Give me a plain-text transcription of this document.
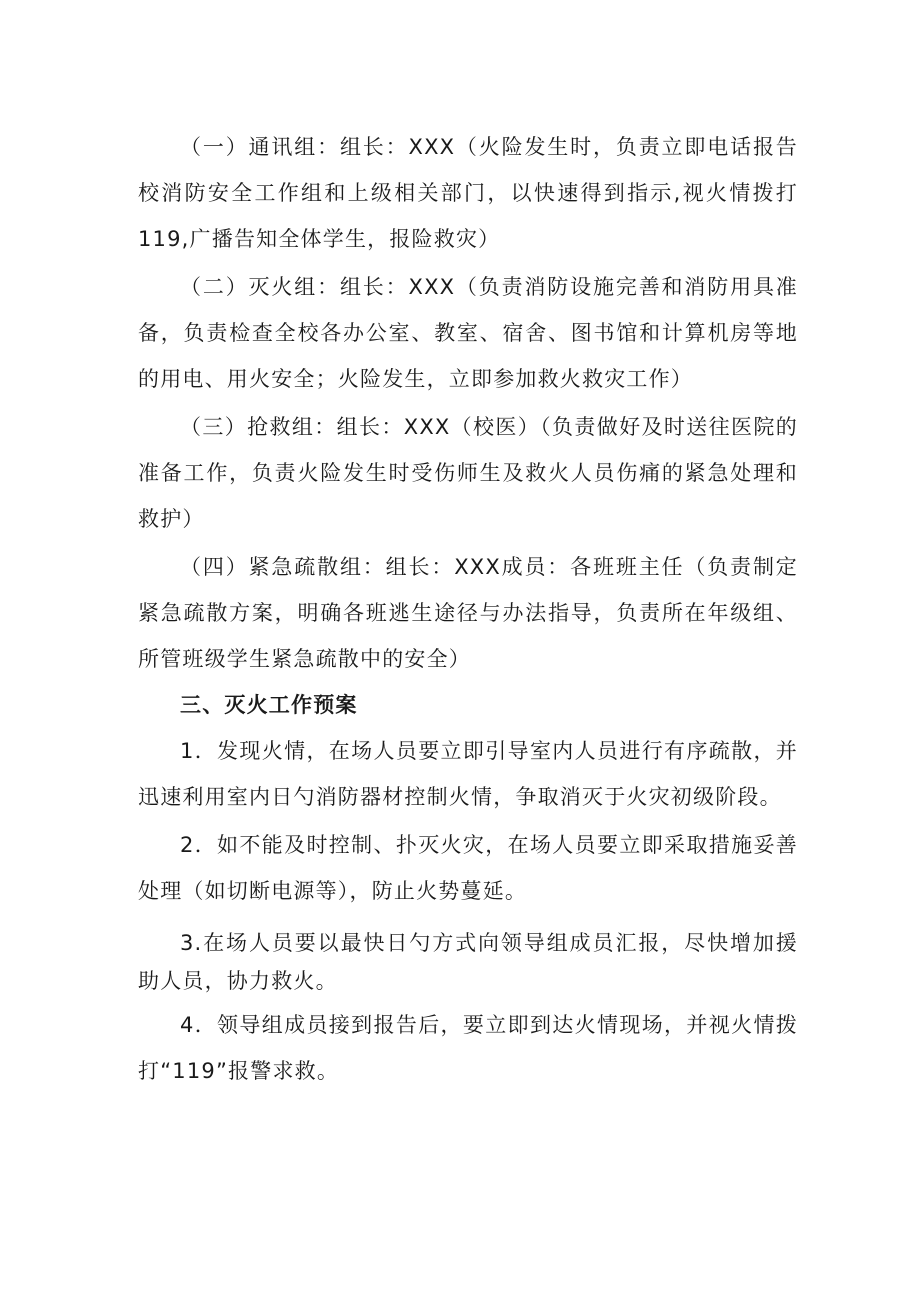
（一）通讯组：组长：XXX（火险发生时，负责立即电话报告校消防安全工作组和上级相关部门，以快速得到指示,视火情拨打119,广播告知全体学生，报险救灾）

（二）灭火组：组长：XXX（负责消防设施完善和消防用具准备，负责检查全校各办公室、教室、宿舍、图书馆和计算机房等地的用电、用火安全；火险发生，立即参加救火救灾工作）

（三）抢救组：组长：XXX（校医）（负责做好及时送往医院的准备工作，负责火险发生时受伤师生及救火人员伤痛的紧急处理和救护）

（四）紧急疏散组：组长：XXX成员：各班班主任（负责制定紧急疏散方案，明确各班逃生途径与办法指导，负责所在年级组、所管班级学生紧急疏散中的安全）

三、灭火工作预案

1．发现火情，在场人员要立即引导室内人员进行有序疏散，并迅速利用室内日勺消防器材控制火情，争取消灭于火灾初级阶段。

2．如不能及时控制、扑灭火灾，在场人员要立即采取措施妥善处理（如切断电源等），防止火势蔓延。

3.在场人员要以最快日勺方式向领导组成员汇报，尽快增加援助人员，协力救火。

4．领导组成员接到报告后，要立即到达火情现场，并视火情拨打“119”报警求救。
